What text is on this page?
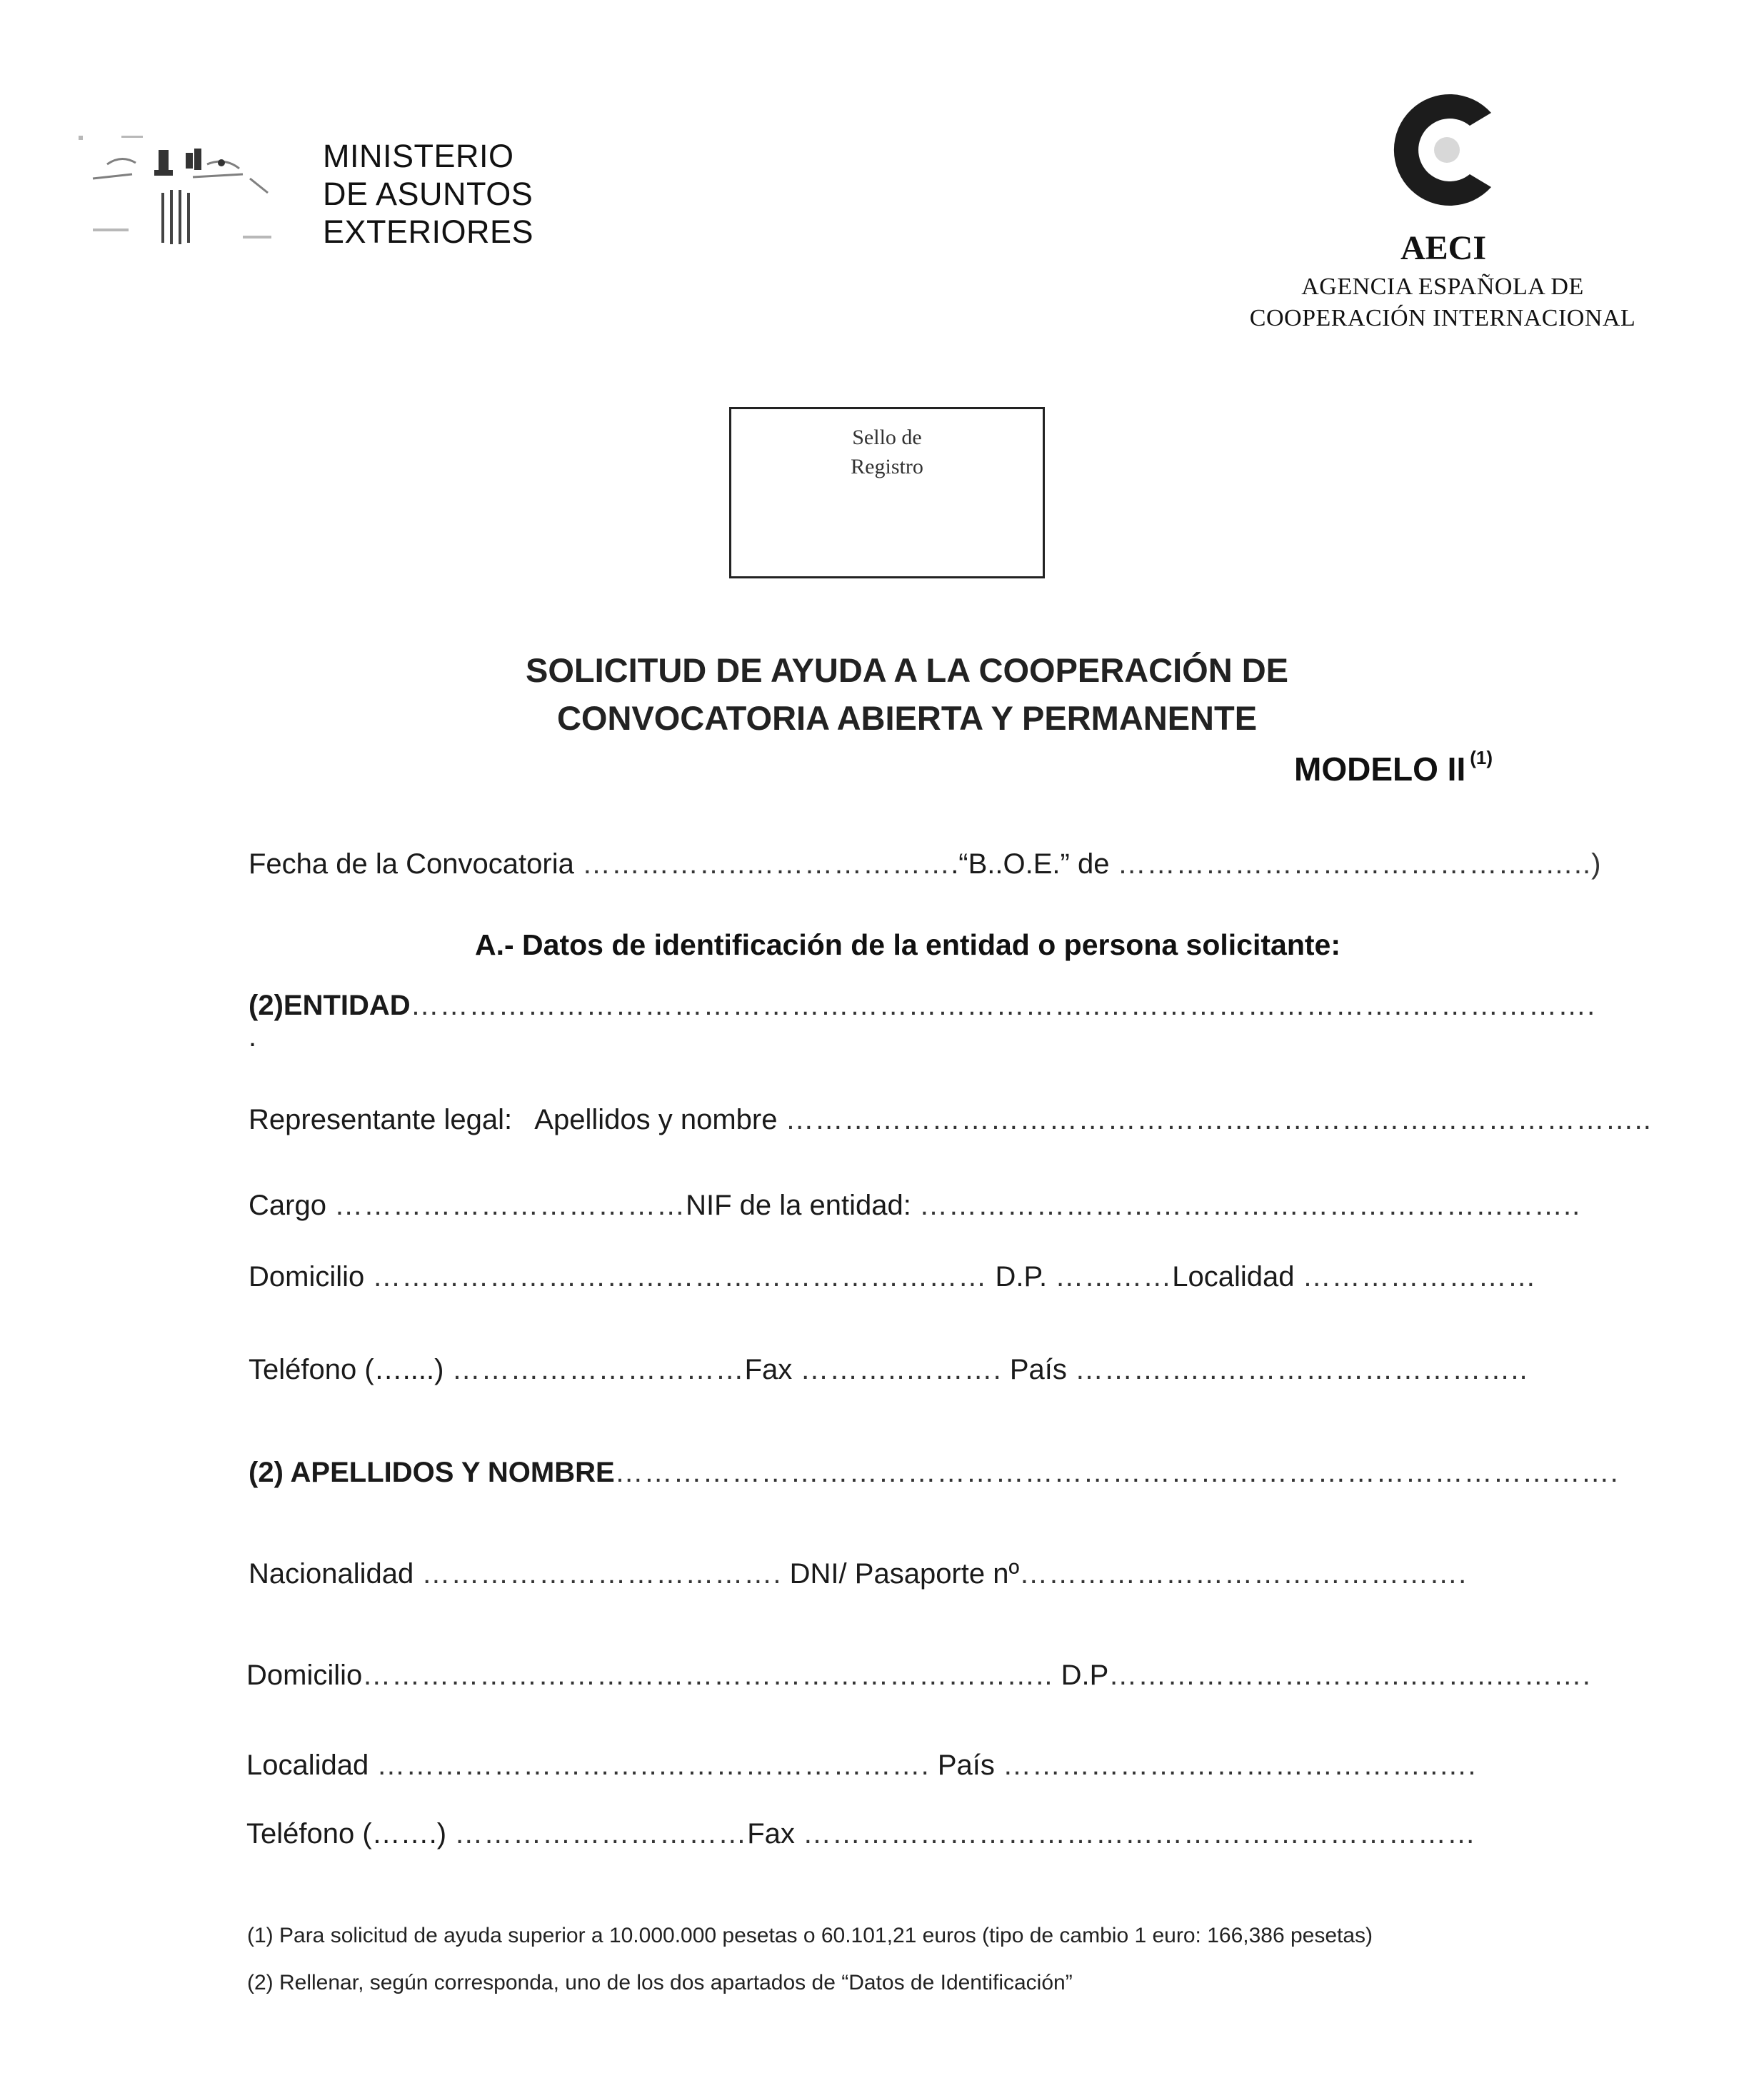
MINISTERIO
DE ASUNTOS
EXTERIORES	AECI
AGENCIA ESPAÑOLA DE
COOPERACIÓN INTERNACIONAL
Sello de
Registro
SOLICITUD DE AYUDA A LA COOPERACIÓN DE
CONVOCATORIA ABIERTA Y PERMANENTE
MODELO II $^{(1)}$
Fecha de la Convocatoria ……………..………………….“B..O.E.” de ……………………………………..…..)
A.- Datos de identificación de la entidad o persona solicitante:
(2)ENTIDAD……………………………………………………………..…………………………..……………….
.
Representante legal: Apellidos y nombre ……………………………………………………………………………..
Cargo ………………………………NIF de la entidad: …………………………………………………………..
Domicilio ……………………………………………………… D.P. …………Localidad ……………………
Teléfono (…....) …………………………Fax ………..………. País ……….…..…………………………..
(2) APELLIDOS Y NOMBRE………………………………………………………………………………………….
Nacionalidad ………………………………. DNI/ Pasaporte nº……………………………………….
Domicilio…………………………………………………………….. D.P…………………………..……..……….
Localidad ………………………..………………………. País ……………….……………………..….
Teléfono (…….) …………………………Fax ……………………………………………………………
(1) Para solicitud de ayuda superior a 10.000.000 pesetas o 60.101,21 euros (tipo de cambio 1 euro: 166,386 pesetas)
(2) Rellenar, según corresponda, uno de los dos apartados de “Datos de Identificación”
